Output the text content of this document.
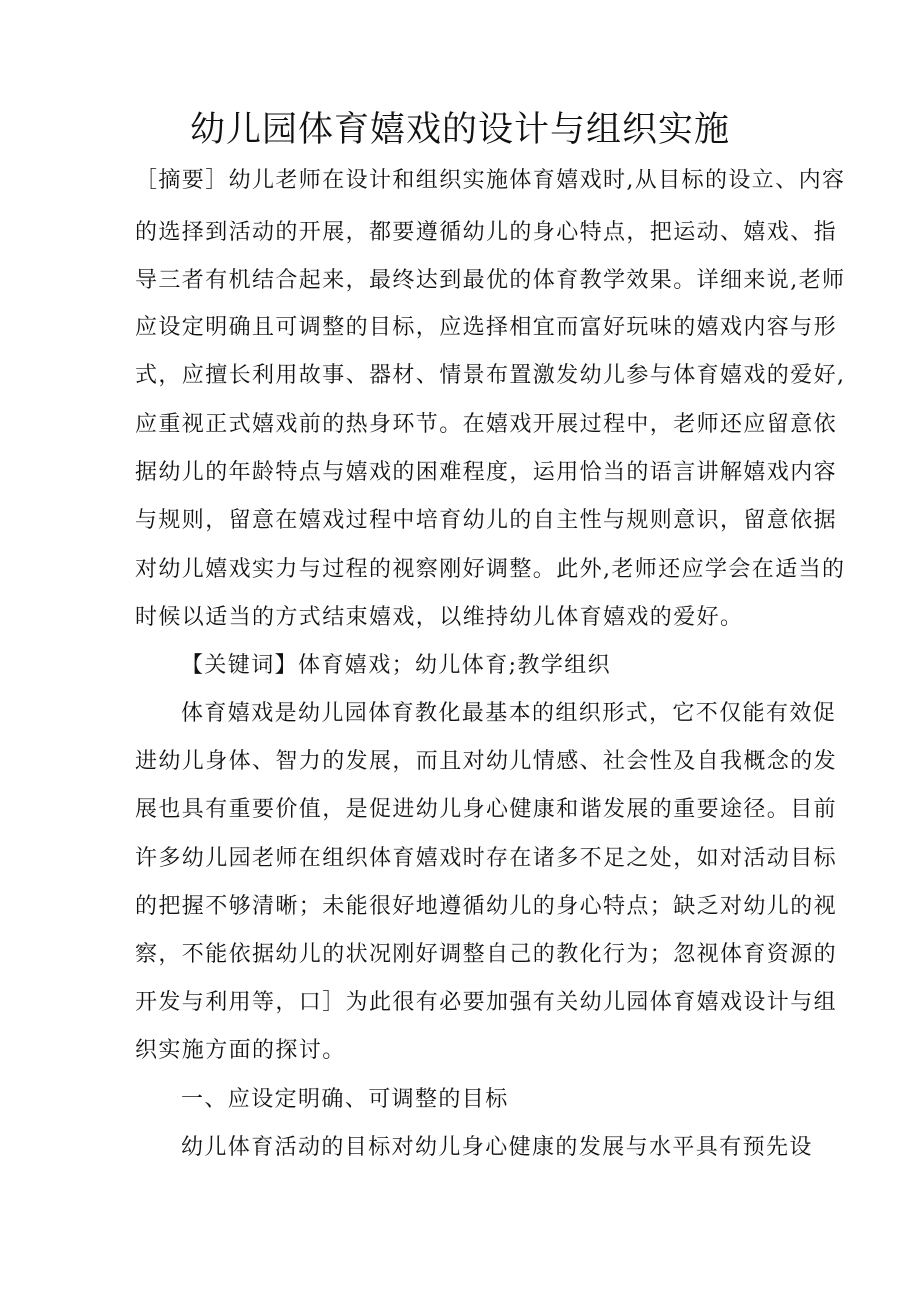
幼儿园体育嬉戏的设计与组织实施

［摘要］幼儿老师在设计和组织实施体育嬉戏时,从目标的设立、内容

的选择到活动的开展，都要遵循幼儿的身心特点，把运动、嬉戏、指

导三者有机结合起来，最终达到最优的体育教学效果。详细来说,老师

应设定明确且可调整的目标，应选择相宜而富好玩味的嬉戏内容与形

式，应擅长利用故事、器材、情景布置激发幼儿参与体育嬉戏的爱好,

应重视正式嬉戏前的热身环节。在嬉戏开展过程中，老师还应留意依

据幼儿的年龄特点与嬉戏的困难程度，运用恰当的语言讲解嬉戏内容

与规则，留意在嬉戏过程中培育幼儿的自主性与规则意识，留意依据

对幼儿嬉戏实力与过程的视察刚好调整。此外,老师还应学会在适当的

时候以适当的方式结束嬉戏，以维持幼儿体育嬉戏的爱好。

【关键词】体育嬉戏；幼儿体育;教学组织

体育嬉戏是幼儿园体育教化最基本的组织形式，它不仅能有效促

进幼儿身体、智力的发展，而且对幼儿情感、社会性及自我概念的发

展也具有重要价值，是促进幼儿身心健康和谐发展的重要途径。目前

许多幼儿园老师在组织体育嬉戏时存在诸多不足之处，如对活动目标

的把握不够清晰；未能很好地遵循幼儿的身心特点；缺乏对幼儿的视

察，不能依据幼儿的状况刚好调整自己的教化行为；忽视体育资源的

开发与利用等，口］为此很有必要加强有关幼儿园体育嬉戏设计与组

织实施方面的探讨。

一、应设定明确、可调整的目标

幼儿体育活动的目标对幼儿身心健康的发展与水平具有预先设
